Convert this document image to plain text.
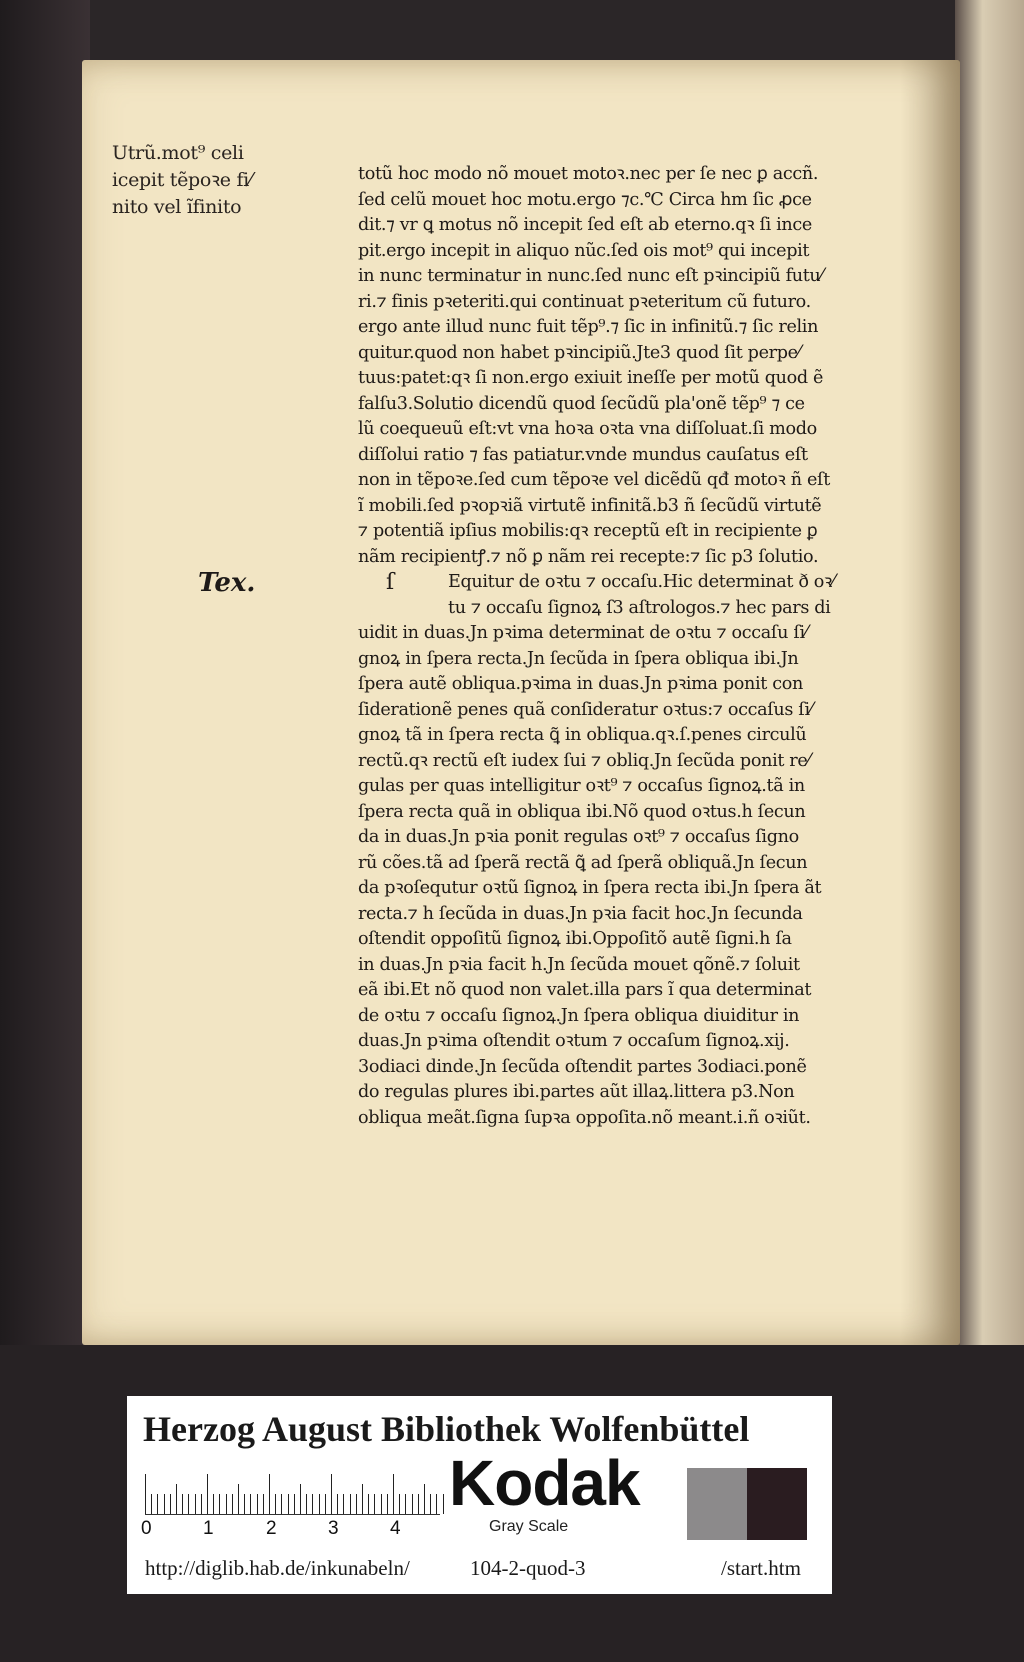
Utrũ.mot⁹ celi
icepit tẽpoꝛe fi⁄
nito vel ĩfinito
Tex.
totũ hoc modo nõ mouet motoꝛ.nec per ſe nec ꝑ accñ.
ſed celũ mouet hoc motu.ergo ⁊c.℃ Circa hm ſic ꝓce
dit.⁊ vr ꝗ motus nõ incepit ſed eſt ab eterno.qꝛ ſi ince
pit.ergo incepit in aliquo nũc.ſed ois mot⁹ qui incepit
in nunc terminatur in nunc.ſed nunc eſt pꝛincipiũ futu⁄
ri.⁊ finis pꝛeteriti.qui continuat pꝛeteritum cũ futuro.
ergo ante illud nunc fuit tẽp⁹.⁊ ſic in infinitũ.⁊ ſic relin
quitur.quod non habet pꝛincipiũ.Jte3 quod ſit perpe⁄
tuus:patet:qꝛ ſi non.ergo exiuit ineſſe per motũ quod ẽ
falſu3.Solutio dicendũ quod ſecũdũ pla'onẽ tẽp⁹ ⁊ ce
lũ coequeuũ eſt:vt vna hoꝛa oꝛta vna diſſoluat.ſi modo
diſſolui ratio ⁊ fas patiatur.vnde mundus cauſatus eſt
non in tẽpoꝛe.ſed cum tẽpoꝛe vel dicẽdũ qđ motoꝛ ñ eſt
ĩ mobili.ſed pꝛopꝛiã virtutẽ infinitã.b3 ñ ſecũdũ virtutẽ
⁊ potentiã ipſius mobilis:qꝛ receptũ eſt in recipiente ꝑ
nãm recipientꝭ.⁊ nõ ꝑ nãm rei recepte:⁊ ſic p3 ſolutio.
Equitur de oꝛtu ⁊ occaſu.Hic determinat ð oꝛ⁄
tu ⁊ occaſu ſignoꝝ ſ3 aſtrologos.⁊ hec pars di
uidit in duas.Jn pꝛima determinat de oꝛtu ⁊ occaſu ſi⁄
gnoꝝ in ſpera recta.Jn ſecũda in ſpera obliqua ibi.Jn
ſpera autẽ obliqua.pꝛima in duas.Jn pꝛima ponit con
ſiderationẽ penes quã conſideratur oꝛtus:⁊ occaſus ſi⁄
gnoꝝ tã in ſpera recta ꝗ̃ in obliqua.qꝛ.ſ.penes circulũ
rectũ.qꝛ rectũ eſt iudex ſui ⁊ obliq.Jn ſecũda ponit re⁄
gulas per quas intelligitur oꝛt⁹ ⁊ occaſus ſignoꝝ.tã in
ſpera recta quã in obliqua ibi.Nõ quod oꝛtus.h ſecun
da in duas.Jn pꝛia ponit regulas oꝛt⁹ ⁊ occaſus ſigno
rũ cões.tã ad ſperã rectã ꝗ̃ ad ſperã obliquã.Jn ſecun
da pꝛoſequtur oꝛtũ ſignoꝝ in ſpera recta ibi.Jn ſpera ãt
recta.⁊ h ſecũda in duas.Jn pꝛia facit hoc.Jn ſecunda
oſtendit oppoſitũ ſignoꝝ ibi.Oppoſitõ autẽ ſigni.h ſa
in duas.Jn pꝛia facit h.Jn ſecũda mouet qõnẽ.⁊ ſoluit
eã ibi.Et nõ quod non valet.illa pars ĩ qua determinat
de oꝛtu ⁊ occaſu ſignoꝝ.Jn ſpera obliqua diuiditur in
duas.Jn pꝛima oſtendit oꝛtum ⁊ occaſum ſignoꝝ.xij.
3odiaci dinde.Jn ſecũda oſtendit partes 3odiaci.ponẽ
do regulas plures ibi.partes aũt illaꝝ.littera p3.Non
obliqua meãt.ſigna ſupꝛa oppoſita.nõ meant.i.ñ oꝛiũt.
ſ
Herzog August Bibliothek Wolfenbüttel
0	1	2	3	4
Kodak
Gray Scale
http://diglib.hab.de/inkunabeln/	104-2-quod-3	/start.htm
